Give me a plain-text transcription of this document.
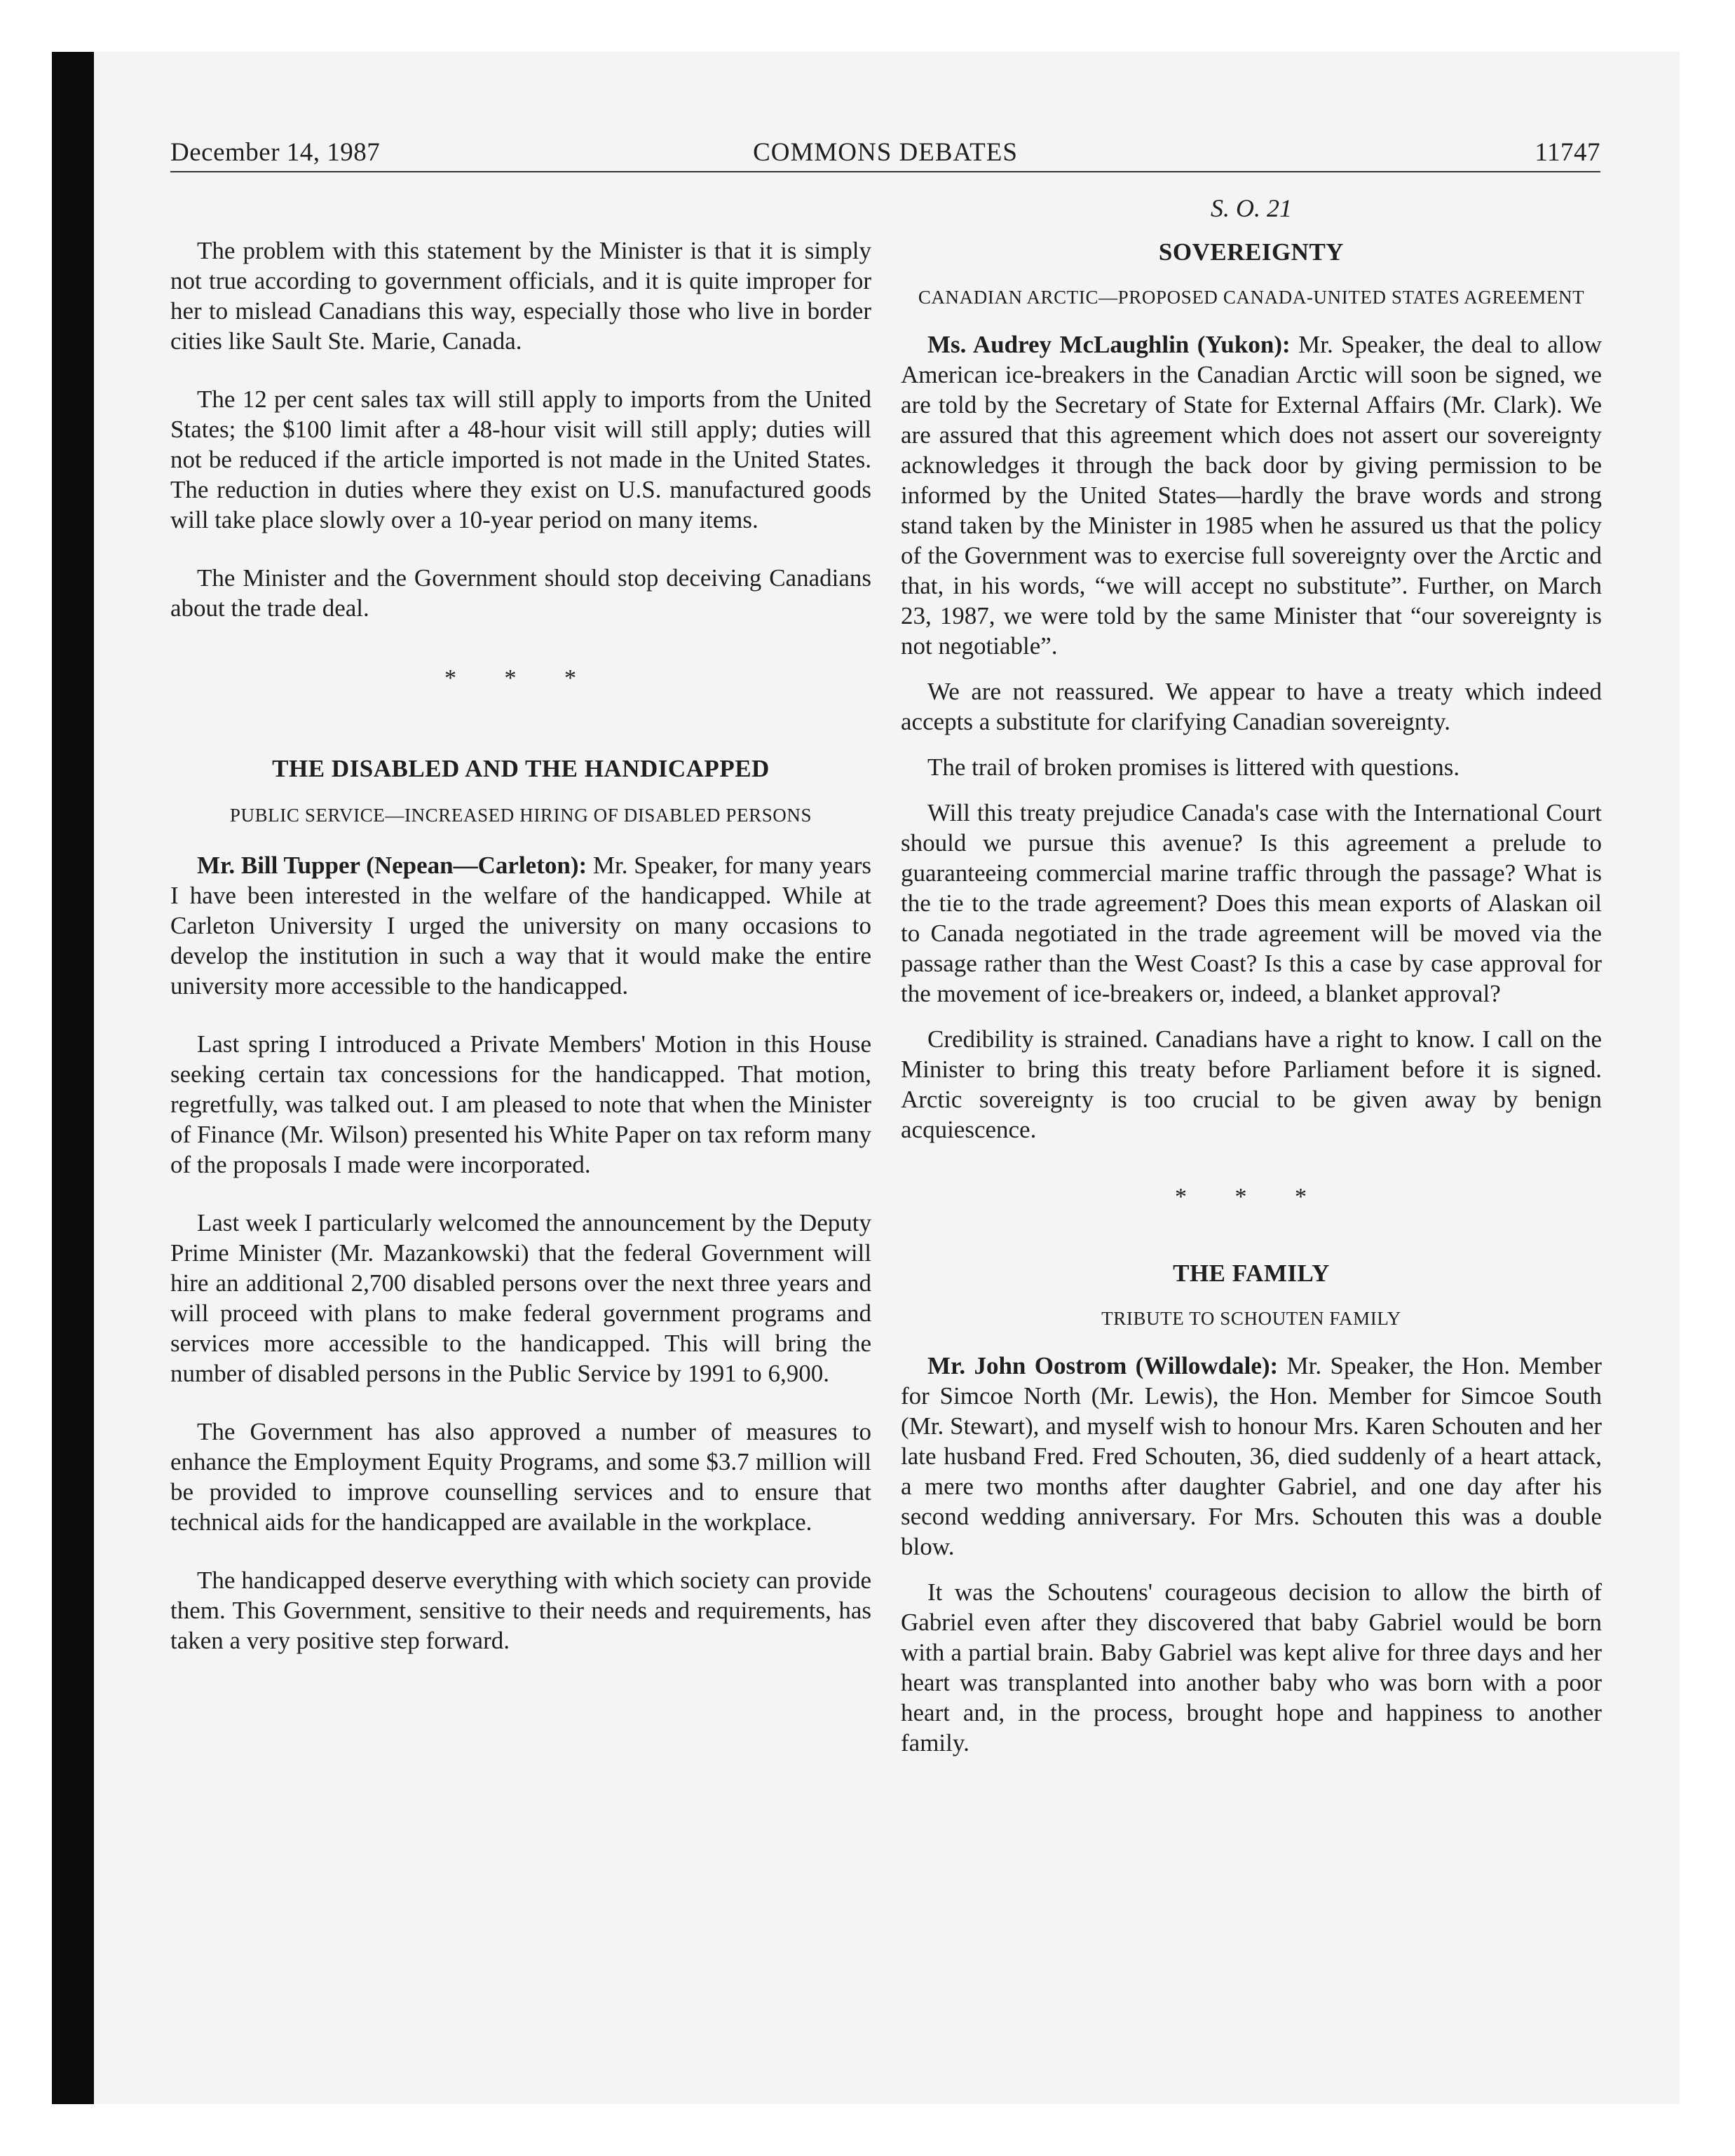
COMMONS DEBATES
December 14, 1987	11747

The problem with this statement by the Minister is that it is simply not true according to government officials, and it is quite improper for her to mislead Canadians this way, especially those who live in border cities like Sault Ste. Marie, Canada.

The 12 per cent sales tax will still apply to imports from the United States; the $100 limit after a 48-hour visit will still apply; duties will not be reduced if the article imported is not made in the United States. The reduction in duties where they exist on U.S. manufactured goods will take place slowly over a 10-year period on many items.

The Minister and the Government should stop deceiving Canadians about the trade deal.

* * *

THE DISABLED AND THE HANDICAPPED

PUBLIC SERVICE—INCREASED HIRING OF DISABLED PERSONS

Mr. Bill Tupper (Nepean—Carleton): Mr. Speaker, for many years I have been interested in the welfare of the handicapped. While at Carleton University I urged the university on many occasions to develop the institution in such a way that it would make the entire university more accessible to the handicapped.

Last spring I introduced a Private Members' Motion in this House seeking certain tax concessions for the handicapped. That motion, regretfully, was talked out. I am pleased to note that when the Minister of Finance (Mr. Wilson) presented his White Paper on tax reform many of the proposals I made were incorporated.

Last week I particularly welcomed the announcement by the Deputy Prime Minister (Mr. Mazankowski) that the federal Government will hire an additional 2,700 disabled persons over the next three years and will proceed with plans to make federal government programs and services more accessible to the handicapped. This will bring the number of disabled persons in the Public Service by 1991 to 6,900.

The Government has also approved a number of measures to enhance the Employment Equity Programs, and some $3.7 million will be provided to improve counselling services and to ensure that technical aids for the handicapped are available in the workplace.

The handicapped deserve everything with which society can provide them. This Government, sensitive to their needs and requirements, has taken a very positive step forward.

S. O. 21

SOVEREIGNTY

CANADIAN ARCTIC—PROPOSED CANADA-UNITED STATES AGREEMENT

Ms. Audrey McLaughlin (Yukon): Mr. Speaker, the deal to allow American ice-breakers in the Canadian Arctic will soon be signed, we are told by the Secretary of State for External Affairs (Mr. Clark). We are assured that this agreement which does not assert our sovereignty acknowledges it through the back door by giving permission to be informed by the United States—hardly the brave words and strong stand taken by the Minister in 1985 when he assured us that the policy of the Government was to exercise full sovereignty over the Arctic and that, in his words, “we will accept no substitute”. Further, on March 23, 1987, we were told by the same Minister that “our sovereignty is not negotiable”.

We are not reassured. We appear to have a treaty which indeed accepts a substitute for clarifying Canadian sovereignty.

The trail of broken promises is littered with questions.

Will this treaty prejudice Canada's case with the International Court should we pursue this avenue? Is this agreement a prelude to guaranteeing commercial marine traffic through the passage? What is the tie to the trade agreement? Does this mean exports of Alaskan oil to Canada negotiated in the trade agreement will be moved via the passage rather than the West Coast? Is this a case by case approval for the movement of ice-breakers or, indeed, a blanket approval?

Credibility is strained. Canadians have a right to know. I call on the Minister to bring this treaty before Parliament before it is signed. Arctic sovereignty is too crucial to be given away by benign acquiescence.

* * *

THE FAMILY

TRIBUTE TO SCHOUTEN FAMILY

Mr. John Oostrom (Willowdale): Mr. Speaker, the Hon. Member for Simcoe North (Mr. Lewis), the Hon. Member for Simcoe South (Mr. Stewart), and myself wish to honour Mrs. Karen Schouten and her late husband Fred. Fred Schouten, 36, died suddenly of a heart attack, a mere two months after daughter Gabriel, and one day after his second wedding anniversary. For Mrs. Schouten this was a double blow.

It was the Schoutens' courageous decision to allow the birth of Gabriel even after they discovered that baby Gabriel would be born with a partial brain. Baby Gabriel was kept alive for three days and her heart was transplanted into another baby who was born with a poor heart and, in the process, brought hope and happiness to another family.
